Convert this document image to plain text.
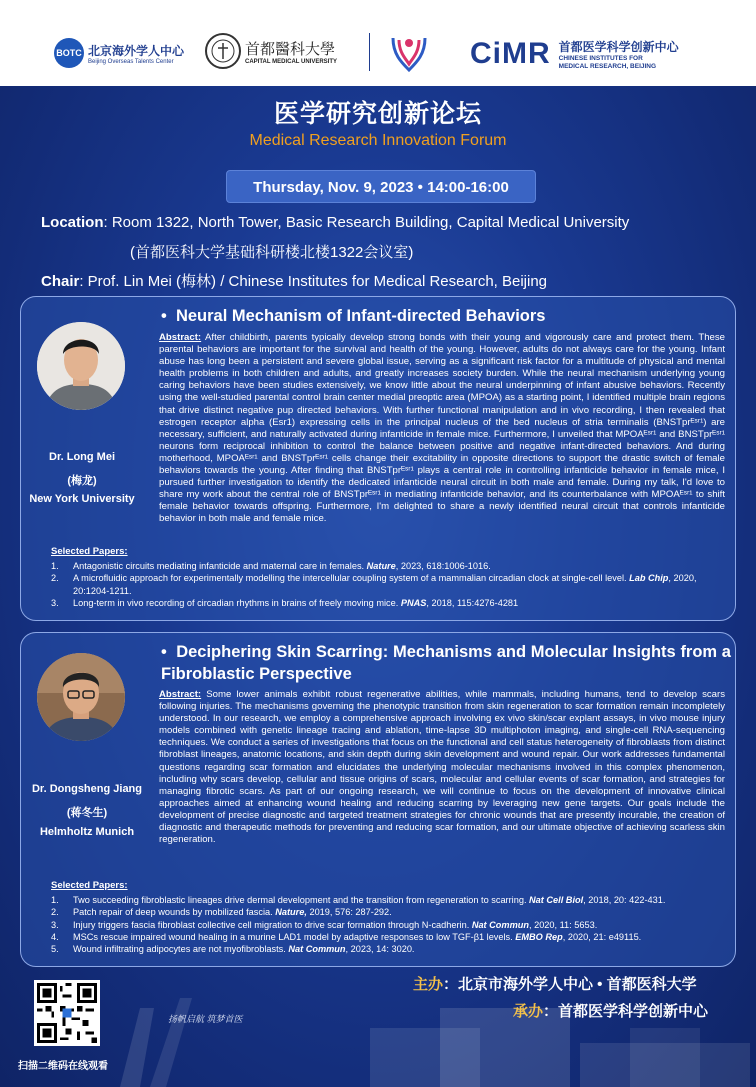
BOTC 北京海外学人中心
Beijing Overseas Talents Center
首都醫科大學
CAPITAL MEDICAL UNIVERSITY	CiMR 首都医学科学创新中心
CHINESE INSTITUTES FOR
MEDICAL RESEARCH, BEIJING
医学研究创新论坛
Medical Research Innovation Forum
Thursday, Nov. 9, 2023 • 14:00-16:00
Location: Room 1322, North Tower, Basic Research Building, Capital Medical University
(首都医科大学基础科研楼北楼1322会议室)
Chair: Prof. Lin Mei (梅林) / Chinese Institutes for Medical Research, Beijing
Dr. Long Mei
(梅龙)
New York University
• Neural Mechanism of Infant-directed Behaviors
Abstract: After childbirth, parents typically develop strong bonds with their young and vigorously care and protect them. These parental behaviors are important for the survival and health of the young. However, adults do not always care for the young. Infant abuse has long been a persistent and severe global issue, serving as a significant risk factor for a multitude of physical and mental health problems in both children and adults, and greatly increases society burden. While the neural mechanism underlying young caring behaviors have been studies extensively, we know little about the neural underpinning of infant abusive behaviors. Recently using the well-studied parental control brain center medial preoptic area (MPOA) as a starting point, I identified multiple brain regions that drive distinct negative pup directed behaviors. With further functional manipulation and in vivo recording, I then revealed that estrogen receptor alpha (Esr1) expressing cells in the principal nucleus of the bed nucleus of stria terminalis (BNSTprᴱˢʳ¹) are necessary, sufficient, and naturally activated during infanticide in female mice. Furthermore, I unveiled that MPOAᴱˢʳ¹ and BNSTprᴱˢʳ¹ neurons form reciprocal inhibition to control the balance between positive and negative infant-directed behaviors. And during motherhood, MPOAᴱˢʳ¹ and BNSTprᴱˢʳ¹ cells change their excitability in opposite directions to support the drastic switch of female behaviors towards the young. After finding that BNSTprᴱˢʳ¹ plays a central role in controlling infanticide behavior in female mice, I pursued further investigation to identify the dedicated infanticide neural circuit in both male and female. During my talk, I'd love to share my work about the central role of BNSTprᴱˢʳ¹ in mediating infanticide behavior, and its counterbalance with MPOAᴱˢʳ¹ to shift female behavior towards offspring. Furthermore, I'm delighted to share a newly identified neural circuit that controls infanticide behavior in both male and female mice.
Selected Papers:
1.	Antagonistic circuits mediating infanticide and maternal care in females. Nature, 2023, 618:1006-1016.
2.	A microfluidic approach for experimentally modelling the intercellular coupling system of a mammalian circadian clock at single-cell level. Lab Chip, 2020, 20:1204-1211.
3.	Long-term in vivo recording of circadian rhythms in brains of freely moving mice. PNAS, 2018, 115:4276-4281
Dr. Dongsheng Jiang
(蒋冬生)
Helmholtz Munich
• Deciphering Skin Scarring: Mechanisms and Molecular Insights from a Fibroblastic Perspective
Abstract: Some lower animals exhibit robust regenerative abilities, while mammals, including humans, tend to develop scars following injuries. The mechanisms governing the phenotypic transition from skin regeneration to scar formation remain incompletely understood. In our research, we employ a comprehensive approach involving ex vivo skin/scar explant assays, in vivo mouse injury models combined with genetic lineage tracing and ablation, time-lapse 3D multiphoton imaging, and single-cell RNA-sequencing techniques. We conduct a series of investigations that focus on the functional and cell status heterogeneity of fibroblasts from distinct fibroblast lineages, anatomic locations, and skin depth during skin development and wound repair. Our work addresses fundamental questions regarding scar formation and elucidates the underlying molecular mechanisms involved in this complex phenomenon, including why scars develop, cellular and tissue origins of scars, molecular and cellular events of scar formation, and strategies for managing fibrotic scars. As part of our ongoing research, we will continue to focus on the development of innovative clinical approaches aimed at enhancing wound healing and reducing scarring by leveraging new gene targets. Our goals include the development of precise diagnostic and targeted treatment strategies for chronic wounds that are presently incurable, the creation of diagnostic and therapeutic methods for preventing and reducing scar formation, and our ultimate objective of achieving scarless skin regeneration.
Selected Papers:
1.	Two succeeding fibroblastic lineages drive dermal development and the transition from regeneration to scarring. Nat Cell Biol, 2018, 20: 422-431.
2.	Patch repair of deep wounds by mobilized fascia. Nature, 2019, 576: 287-292.
3.	Injury triggers fascia fibroblast collective cell migration to drive scar formation through N-cadherin. Nat Commun, 2020, 11: 5653.
4.	MSCs rescue impaired wound healing in a murine LAD1 model by adaptive responses to low TGF-β1 levels. EMBO Rep, 2020, 21: e49115.
5.	Wound infiltrating adipocytes are not myofibroblasts. Nat Commun, 2023, 14: 3020.
扬帆启航 筑梦首医
主办：北京市海外学人中心 • 首都医科大学
承办：首都医学科学创新中心
扫描二维码在线观看
